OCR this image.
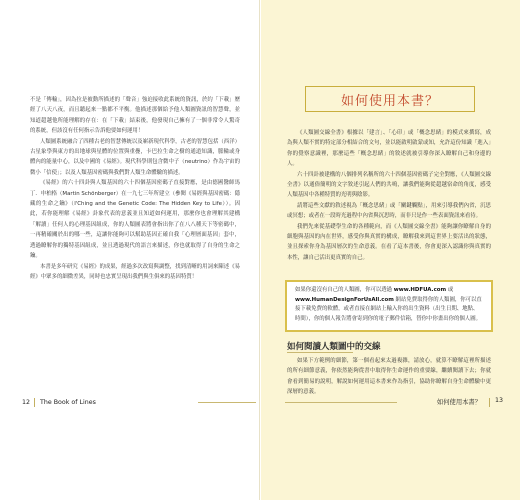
不是「傳輸」，因為拉是被動所描述的「聲音」強迫接收此系統的資訊，於約「下載」歷經了八天八夜，而且聽起來一點都不平衡。他描述那個給予他人類圖資訊的智慧聲，並知道超越他所能理解的存在：在「下載」結束後，他發現自己擁有了一個非常令人驚奇的系統，但該沒有任何指示告訴他要如何運用！

人類圖系統融合了四種古老的智慧傳統以及嶄新現代科學，古老的智慧包括（西洋）古星象學與東方的出地球與星體的位置與重疊，卡巴拉生命之樹的通道知識，脈輪或身體內的能量中心，以及中國的《易經》。現代科學則包含微中子（neutrino）作為宇宙的微小「信使」；以及人類基因密碼與我們對人類生命體驗的描述。

《易經》的六十四卦與人類基因的六十四個基因密碼子直接對應，是由德國醫師馬丁．申柏格（Martin Schönberger）在一九七三年所建立（參閱《易經與基因密碼：隱藏的生命之鑰》（I'Ching and the Genetic Code: The Hidden Key to Life））。因此，若你能理解《易經》卦象代表的意義並且知道如何運用，那麼你也會理解其建構「解讀」任何人的心理基因組成，你的人類圖表將會指出你了在八八種天下等密碼中，一再精確關於出的哪一些，這讓你能夠可以幫助基因正確自我「心理層面基因」套中，透過瞭解你的獨特基因組成，並且透過現代的語言來描述，你也就取得了自身的生命之鑰。

本書是多年研究《易經》的成果，經過多次改寫與調整，找到清晰的用詞來陳述《易經》中眾多的細微差異，同時也忠實呈現出我們與生俱來的基因特質！

12 The Book of Lines
如何使用本書？

《人類圖交線全書》根據以「建言」、「心印」或「概念思緒」的模式來撰寫，成為與人類不實的特定部分相結合的文句，並以能啟明啟蒙或知，允許這份知識「進入」你的覺察意識裡，那麼這些「概念思緒」的敘述就被引導你深入瞭解自己和身邊的人。

六十四卦被建構的八個排列名稱所的六十四個基因密碼子完全對應，《人類圖交線全書》以通俗簡明的文字敘述引起人們的共鳴，讓我們能夠從超越宿命的角度，感受人類基因中各種特質的光明與陰影。

請將這些文獻的敘述視為「概念思緒」或「關鍵觸點」，用來引導我們內省，沉思或冥想；或者在一段時光過程中內省與沉思時，而非只是作一些表面資訊來看待。

我們先來從基礎學生命的各種範向，而《人類圖交線全書》能夠讓你瞭解自身的細胞與基因的內在世界，感受你與真實的構成，瞭解我來到這世界上要活出的狀態，並且探索你身為基因層次的生命意義。在看了這本書後，你會更深入認識你與真實的本性，讓自己活出更真實的自己。

如果你還沒有自己的人類圖，你可以透過 www.HDFUA.com 或 www.HumanDesignForUsAll.com 網站免費取得你的人類圖，你可以直接下載免費的軟體，或者直接在網站上輸入你的出生資料（出生日期、地點、時間），你的個人報告將會寄到你的電子郵件信箱，替你中你畫出你的個人圖。
如何閱讀人類圖中的交線

如果下方範例的細節，第一個看起來太過複雜，請放心，就算不瞭解這裡所描述的所有細節意義，你依然能夠從書中取得你生命運作的重要線，繼續閱讀下去；你就會看到簡易的說明，解說如何運用這本書來作為指引，協助你瞭解自身生命體驗中更深層的意義。

如何使用本書？ 13
